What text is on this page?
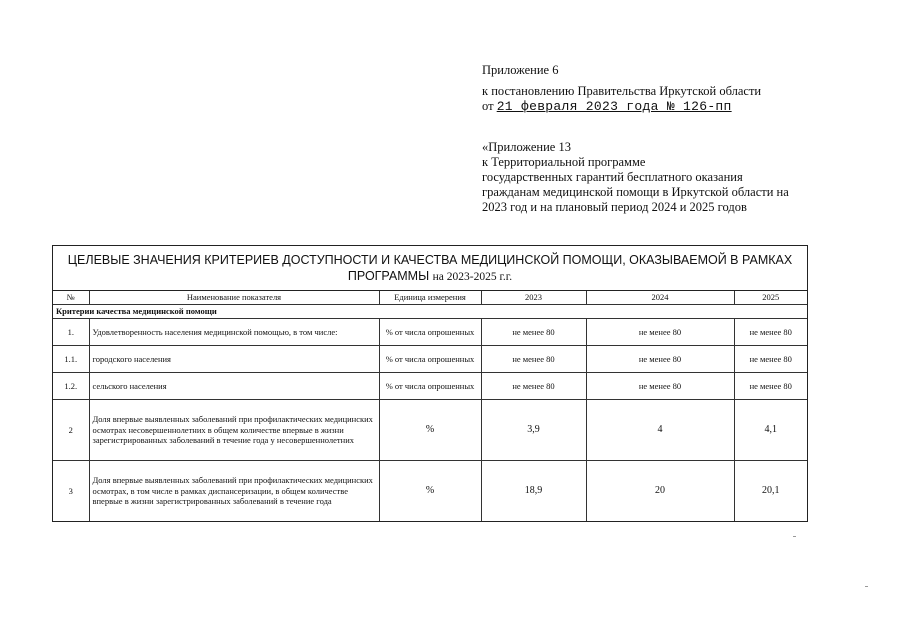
Приложение 6
к постановлению Правительства Иркутской области
от 21 февраля 2023 года № 126-пп
«Приложение 13
к Территориальной программе
государственных гарантий бесплатного оказания
гражданам медицинской помощи в Иркутской области на
2023 год и на плановый период 2024 и 2025 годов
ЦЕЛЕВЫЕ ЗНАЧЕНИЯ КРИТЕРИЕВ ДОСТУПНОСТИ И КАЧЕСТВА МЕДИЦИНСКОЙ ПОМОЩИ, ОКАЗЫВАЕМОЙ В РАМКАХ ПРОГРАММЫ на 2023-2025 г.г.
№	Наименование показателя	Единица измерения	2023	2024	2025
Критерии качества медицинской помощи					
1.	Удовлетворенность населения медицинской помощью, в том числе:	% от числа опрошенных	не менее 80	не менее 80	не менее 80
1.1.	городского населения	% от числа опрошенных	не менее 80	не менее 80	не менее 80
1.2.	сельского населения	% от числа опрошенных	не менее 80	не менее 80	не менее 80
2	Доля впервые выявленных заболеваний при профилактических медицинских осмотрах несовершеннолетних в общем количестве впервые в жизни зарегистрированных заболеваний в течение года у несовершеннолетних	%	3,9	4	4,1
3	Доля впервые выявленных заболеваний при профилактических медицинских осмотрах, в том числе в рамках диспансеризации, в общем количестве впервые в жизни зарегистрированных заболеваний в течение года	%	18,9	20	20,1
